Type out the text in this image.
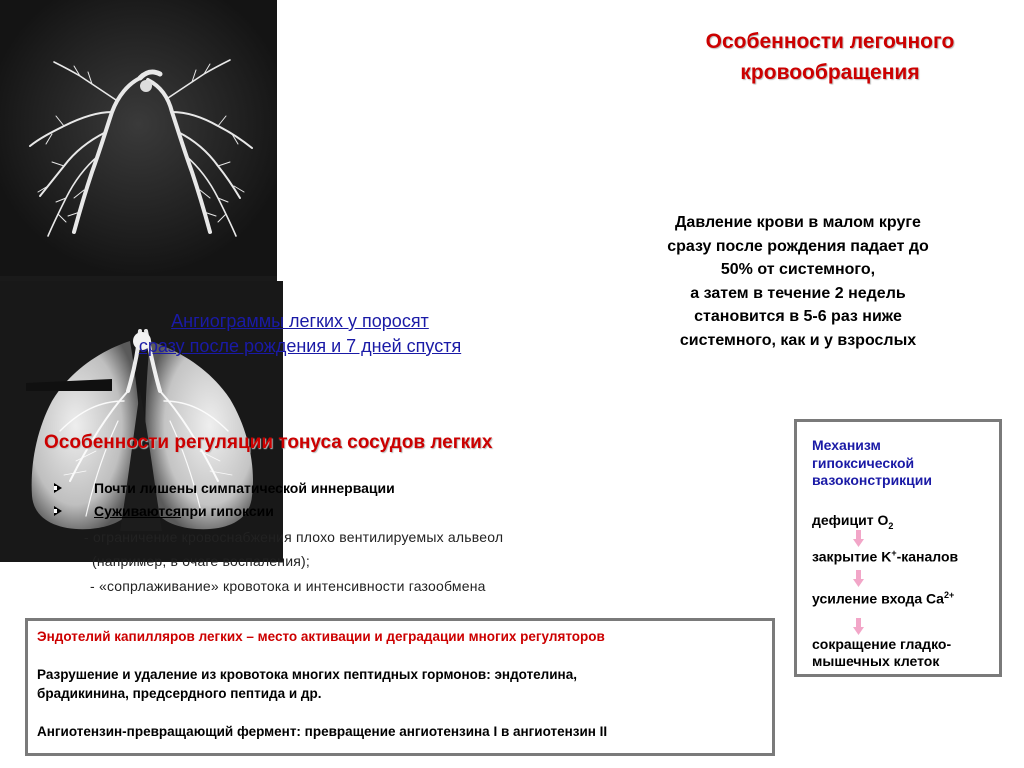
Особенности легочного
кровообращения
Ангиограммы легких у поросят
сразу после рождения и 7 дней спустя
Давление крови в малом круге
сразу после рождения падает до
50% от системного,
а затем в течение 2 недель
становится в 5-6 раз ниже
системного, как и у взрослых
Особенности регуляции тонуса сосудов легких
Почти лишены симпатической иннервации
Суживаются при гипоксии
- ограничение кровоснабжения плохо вентилируемых альвеол
(например, в очаге воспаления);
- «сопрлаживание» кровотока и интенсивности газообмена

Эндотелий капилляров легких – место активации и деградации многих регуляторов

Разрушение и удаление из кровотока многих пептидных гормонов: эндотелина,

брадикинина, предсердного пептида и др.

Ангиотензин-превращающий фермент: превращение ангиотензина I в ангиотензин II

Механизм
гипоксической
вазоконстрикции
дефицит $O_2$
закрытие K+-каналов
усиление входа $Ca^{2+}$
сокращение гладко-
мышечных клеток
